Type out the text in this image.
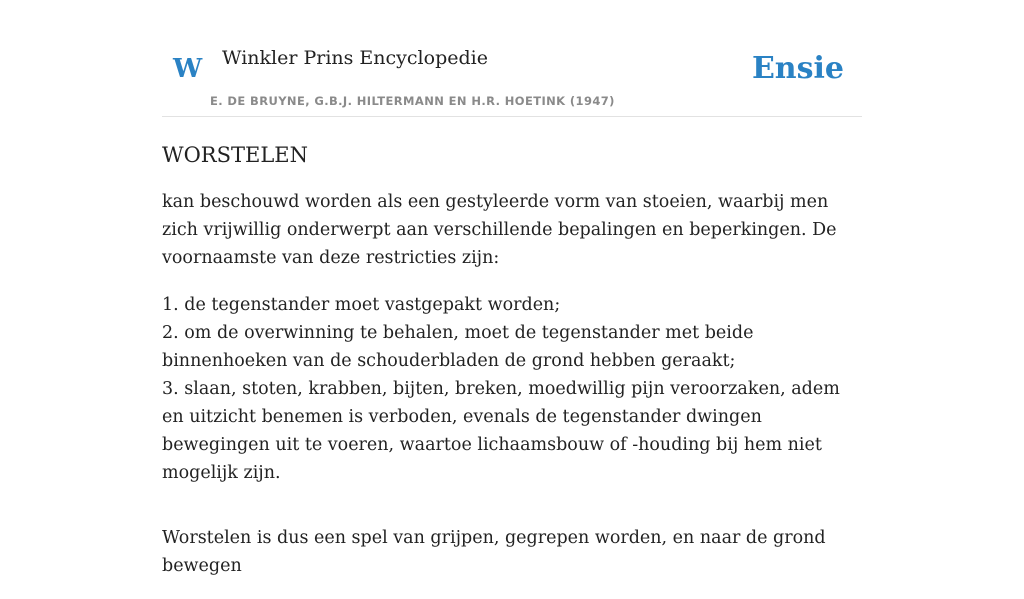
W Winkler Prins Encyclopedie
E. DE BRUYNE, G.B.J. HILTERMANN EN H.R. HOETINK (1947)
Ensie
WORSTELEN

kan beschouwd worden als een gestyleerde vorm van stoeien, waarbij men zich vrijwillig onderwerpt aan verschillende bepalingen en beperkingen. De voornaamste van deze restricties zijn:

1. de tegenstander moet vastgepakt worden;
2. om de overwinning te behalen, moet de tegenstander met beide binnenhoeken van de schouderbladen de grond hebben geraakt;
3. slaan, stoten, krabben, bijten, breken, moedwillig pijn veroorzaken, adem en uitzicht benemen is verboden, evenals de tegenstander dwingen bewegingen uit te voeren, waartoe lichaamsbouw of -houding bij hem niet mogelijk zijn.

Worstelen is dus een spel van grijpen, gegrepen worden, en naar de grond bewegen
